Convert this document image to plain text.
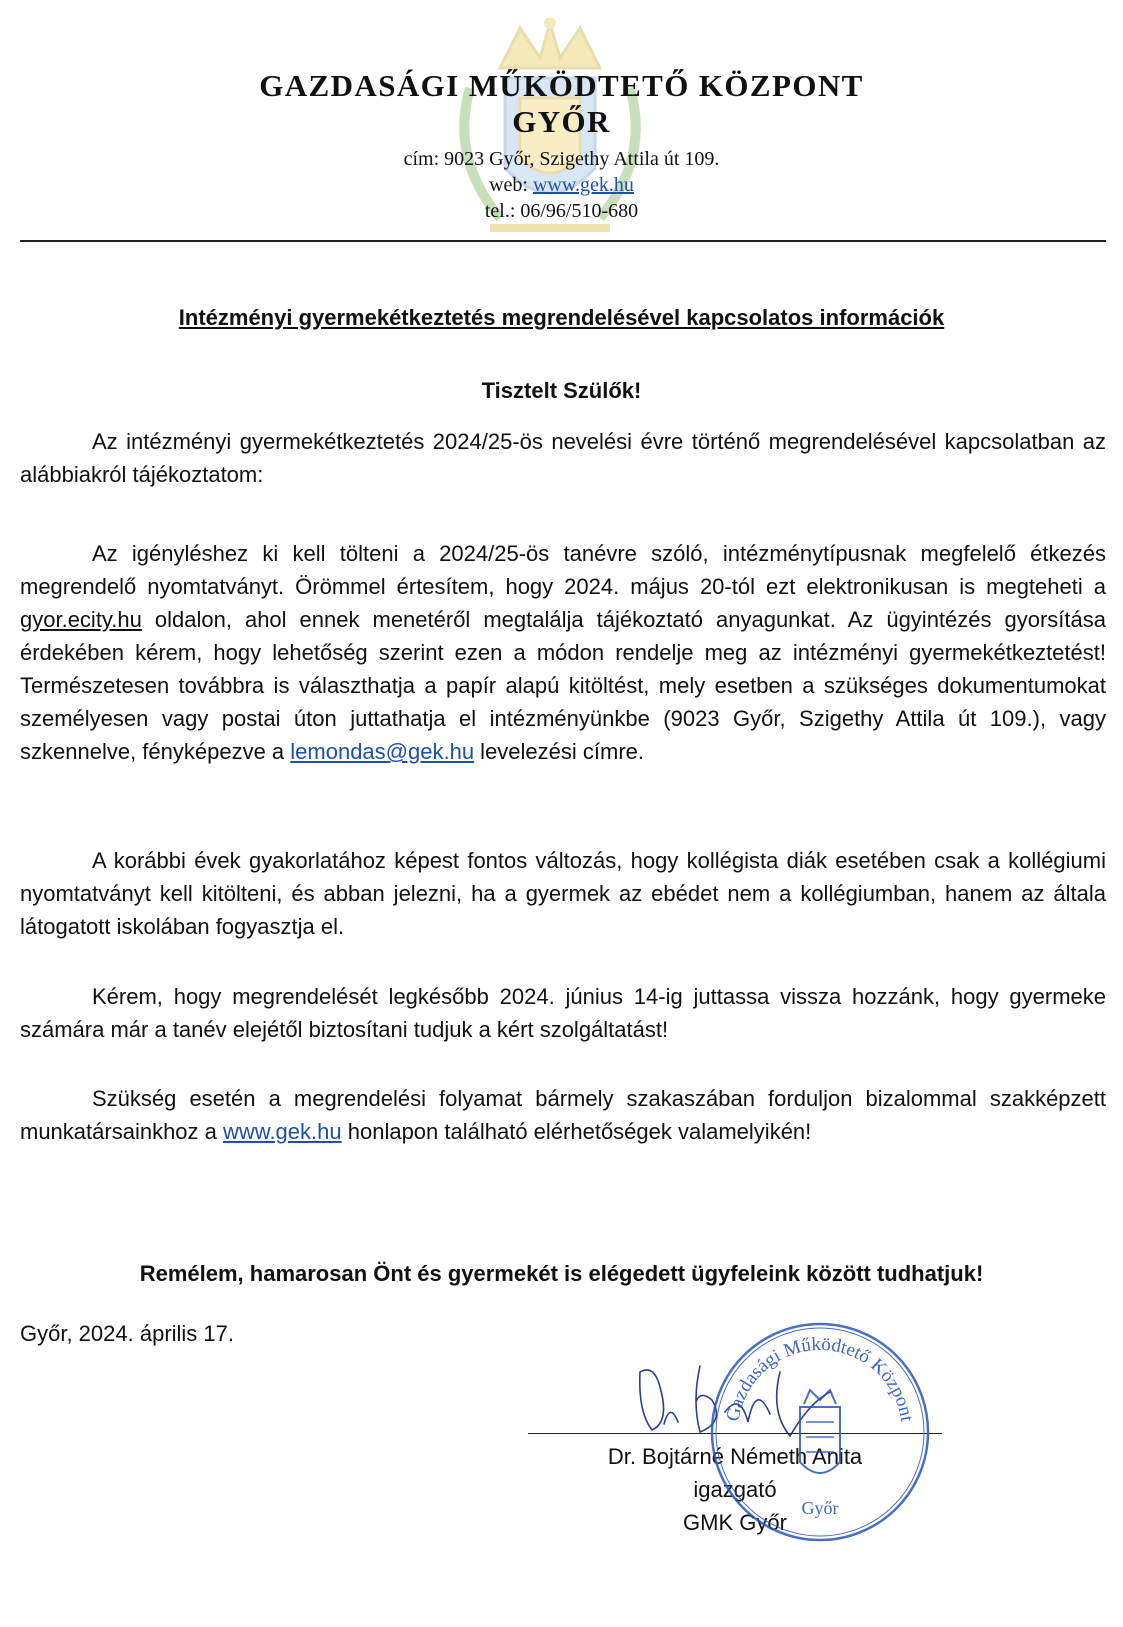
GAZDASÁGI MŰKÖDTETŐ KÖZPONT
GYŐR
cím: 9023 Győr, Szigethy Attila út 109.
web: www.gek.hu
tel.: 06/96/510-680
Intézményi gyermekétkeztetés megrendelésével kapcsolatos információk
Tisztelt Szülők!

Az intézményi gyermekétkeztetés 2024/25-ös nevelési évre történő megrendelésével kapcsolatban az alábbiakról tájékoztatom:

Az igényléshez ki kell tölteni a 2024/25-ös tanévre szóló, intézménytípusnak megfelelő étkezés megrendelő nyomtatványt. Örömmel értesítem, hogy 2024. május 20-tól ezt elektronikusan is megteheti a gyor.ecity.hu oldalon, ahol ennek menetéről megtalálja tájékoztató anyagunkat. Az ügyintézés gyorsítása érdekében kérem, hogy lehetőség szerint ezen a módon rendelje meg az intézményi gyermekétkeztetést! Természetesen továbbra is választhatja a papír alapú kitöltést, mely esetben a szükséges dokumentumokat személyesen vagy postai úton juttathatja el intézményünkbe (9023 Győr, Szigethy Attila út 109.), vagy szkennelve, fényképezve a lemondas@gek.hu levelezési címre.

A korábbi évek gyakorlatához képest fontos változás, hogy kollégista diák esetében csak a kollégiumi nyomtatványt kell kitölteni, és abban jelezni, ha a gyermek az ebédet nem a kollégiumban, hanem az általa látogatott iskolában fogyasztja el.

Kérem, hogy megrendelését legkésőbb 2024. június 14-ig juttassa vissza hozzánk, hogy gyermeke számára már a tanév elejétől biztosítani tudjuk a kért szolgáltatást!

Szükség esetén a megrendelési folyamat bármely szakaszában forduljon bizalommal szakképzett munkatársainkhoz a www.gek.hu honlapon található elérhetőségek valamelyikén!

Remélem, hamarosan Önt és gyermekét is elégedett ügyfeleink között tudhatjuk!

Győr, 2024. április 17.
Dr. Bojtárné Németh Anita
igazgató
GMK Győr
Gazdasági Működtető Központ
Győr
